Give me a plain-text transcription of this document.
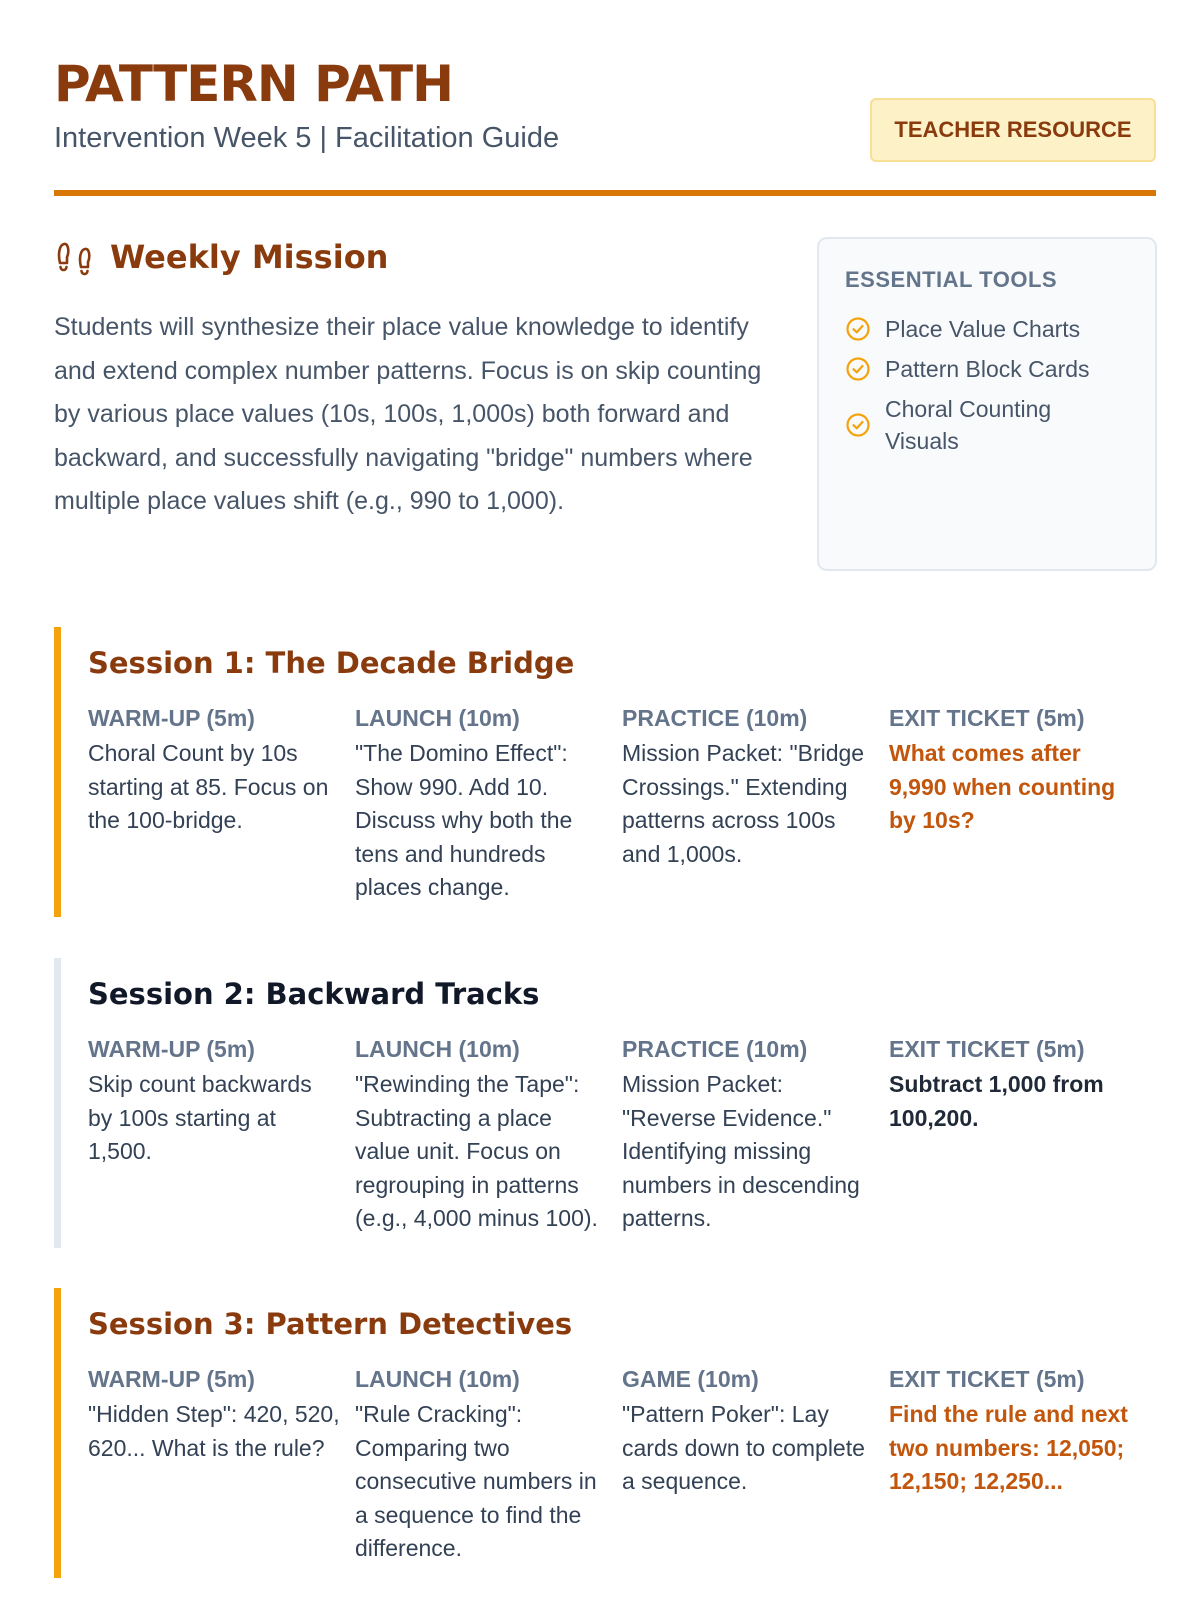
PATTERN PATH
Intervention Week 5 | Facilitation Guide	TEACHER RESOURCE
Weekly Mission
Students will synthesize their place value knowledge to identify and extend complex number patterns. Focus is on skip counting by various place values (10s, 100s, 1,000s) both forward and backward, and successfully navigating "bridge" numbers where multiple place values shift (e.g., 990 to 1,000).
ESSENTIAL TOOLS
Place Value Charts
Pattern Block Cards
Choral Counting Visuals
Session 1: The Decade Bridge
WARM-UP (5m)
Choral Count by 10s starting at 85. Focus on the 100-bridge.
LAUNCH (10m)
"The Domino Effect": Show 990. Add 10. Discuss why both the tens and hundreds places change.
PRACTICE (10m)
Mission Packet: "Bridge Crossings." Extending patterns across 100s and 1,000s.
EXIT TICKET (5m)
What comes after 9,990 when counting by 10s?
Session 2: Backward Tracks
WARM-UP (5m)
Skip count backwards by 100s starting at 1,500.
LAUNCH (10m)
"Rewinding the Tape": Subtracting a place value unit. Focus on regrouping in patterns (e.g., 4,000 minus 100).
PRACTICE (10m)
Mission Packet: "Reverse Evidence." Identifying missing numbers in descending patterns.
EXIT TICKET (5m)
Subtract 1,000 from 100,200.
Session 3: Pattern Detectives
WARM-UP (5m)
"Hidden Step": 420, 520, 620... What is the rule?
LAUNCH (10m)
"Rule Cracking": Comparing two consecutive numbers in a sequence to find the difference.
GAME (10m)
"Pattern Poker": Lay cards down to complete a sequence.
EXIT TICKET (5m)
Find the rule and next two numbers: 12,050; 12,150; 12,250...
